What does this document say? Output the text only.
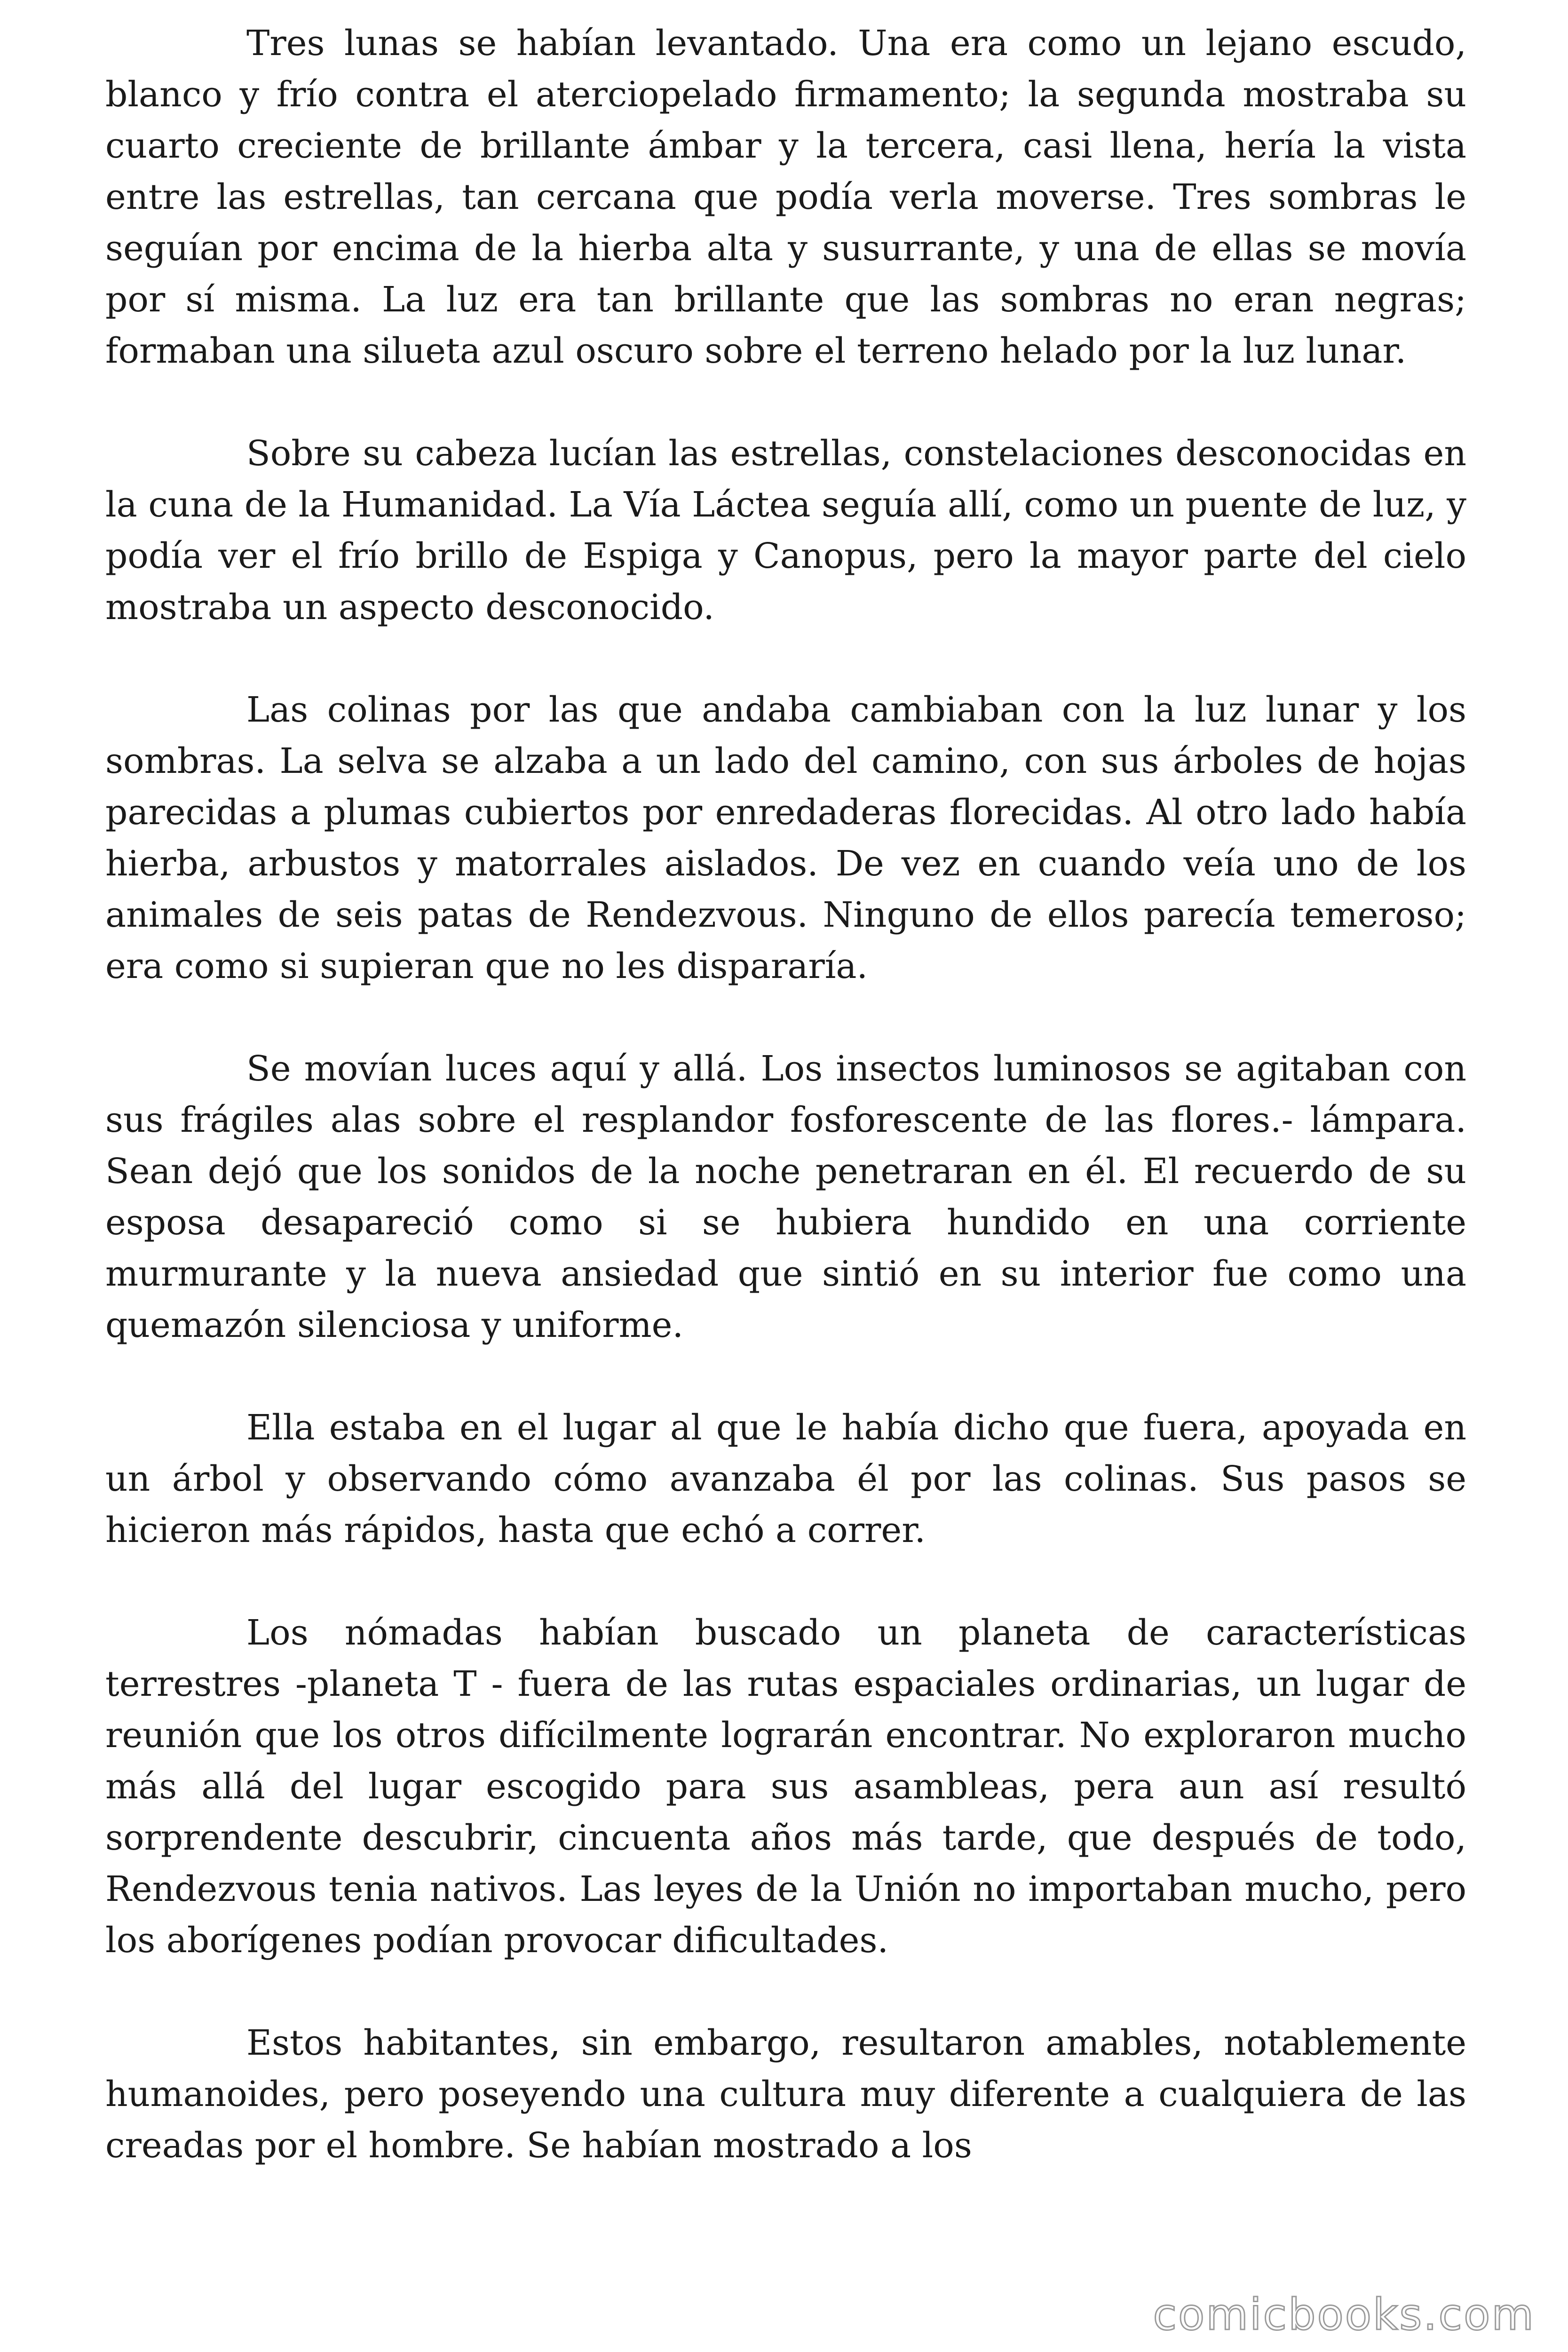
Tres lunas se habían levantado. Una era como un lejano escudo, blanco y frío contra el aterciopelado firmamento; la segunda mostraba su cuarto creciente de brillante ámbar y la tercera, casi llena, hería la vista entre las estrellas, tan cercana que podía verla moverse. Tres sombras le seguían por encima de la hierba alta y susurrante, y una de ellas se movía por sí misma. La luz era tan brillante que las sombras no eran negras; formaban una silueta azul oscuro sobre el terreno helado por la luz lunar.

Sobre su cabeza lucían las estrellas, constelaciones desconocidas en la cuna de la Humanidad. La Vía Láctea seguía allí, como un puente de luz, y podía ver el frío brillo de Espiga y Canopus, pero la mayor parte del cielo mostraba un aspecto desconocido.

Las colinas por las que andaba cambiaban con la luz lunar y los sombras. La selva se alzaba a un lado del camino, con sus árboles de hojas parecidas a plumas cubiertos por enredaderas florecidas. Al otro lado había hierba, arbustos y matorrales aislados. De vez en cuando veía uno de los animales de seis patas de Rendezvous. Ninguno de ellos parecía temeroso; era como si supieran que no les dispararía.

Se movían luces aquí y allá. Los insectos luminosos se agitaban con sus frágiles alas sobre el resplandor fosforescente de las flores.- lámpara. Sean dejó que los sonidos de la noche penetraran en él. El recuerdo de su esposa desapareció como si se hubiera hundido en una corriente murmurante y la nueva ansiedad que sintió en su interior fue como una quemazón silenciosa y uniforme.

Ella estaba en el lugar al que le había dicho que fuera, apoyada en un árbol y observando cómo avanzaba él por las colinas. Sus pasos se hicieron más rápidos, hasta que echó a correr.

Los nómadas habían buscado un planeta de características terrestres -planeta T - fuera de las rutas espaciales ordinarias, un lugar de reunión que los otros difícilmente lograrán encontrar. No exploraron mucho más allá del lugar escogido para sus asambleas, pera aun así resultó sorprendente descubrir, cincuenta años más tarde, que después de todo, Rendezvous tenia nativos. Las leyes de la Unión no importaban mucho, pero los aborígenes podían provocar dificultades.

Estos habitantes, sin embargo, resultaron amables, notablemente humanoides, pero poseyendo una cultura muy diferente a cualquiera de las creadas por el hombre. Se habían mostrado a los

comicbooks.com
